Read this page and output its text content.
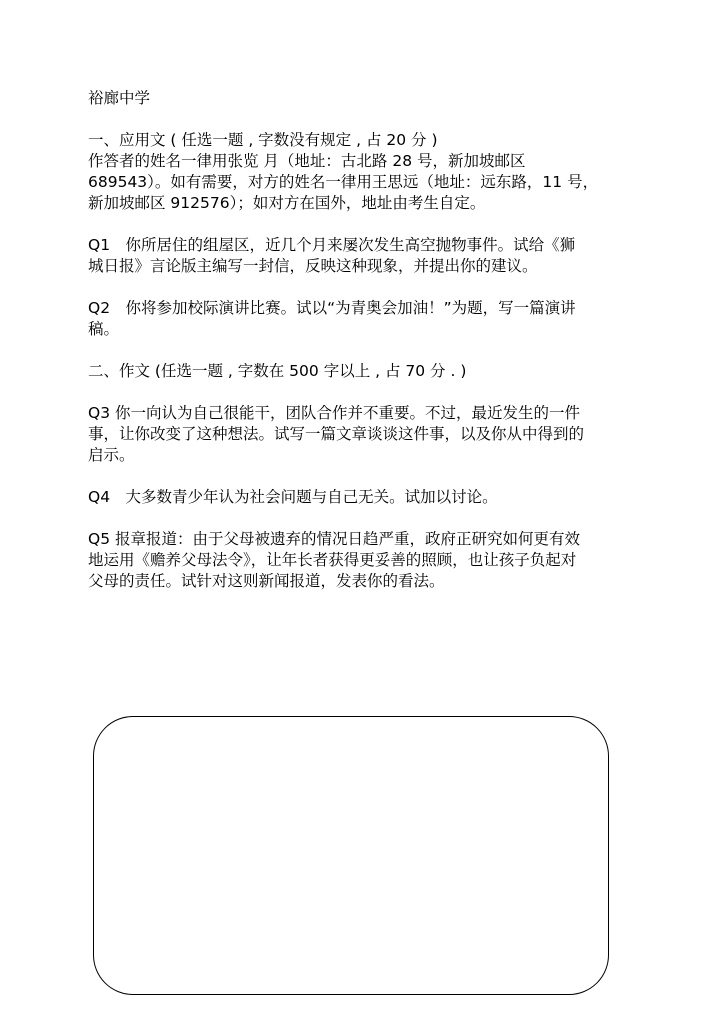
裕廊中学

一、应用文 ( 任选一题 , 字数没有规定 , 占 20 分 )

作答者的姓名一律用张览 月（地址：古北路 28 号，新加坡邮区

689543）。如有需要，对方的姓名一律用王思远（地址：远东路，11 号，

新加坡邮区 912576）；如对方在国外，地址由考生自定。

Q1　你所居住的组屋区，近几个月来屡次发生高空抛物事件。试给《狮

城日报》言论版主编写一封信，反映这种现象，并提出你的建议。

Q2　你将参加校际演讲比赛。试以“为青奥会加油！”为题，写一篇演讲

稿。

二、作文 (任选一题 , 字数在 500 字以上 , 占 70 分 . )

Q3 你一向认为自己很能干，团队合作并不重要。不过，最近发生的一件

事，让你改变了这种想法。试写一篇文章谈谈这件事，以及你从中得到的

启示。

Q4　大多数青少年认为社会问题与自己无关。试加以讨论。

Q5 报章报道：由于父母被遗弃的情况日趋严重，政府正研究如何更有效

地运用《赡养父母法令》，让年长者获得更妥善的照顾，也让孩子负起对

父母的责任。试针对这则新闻报道，发表你的看法。
